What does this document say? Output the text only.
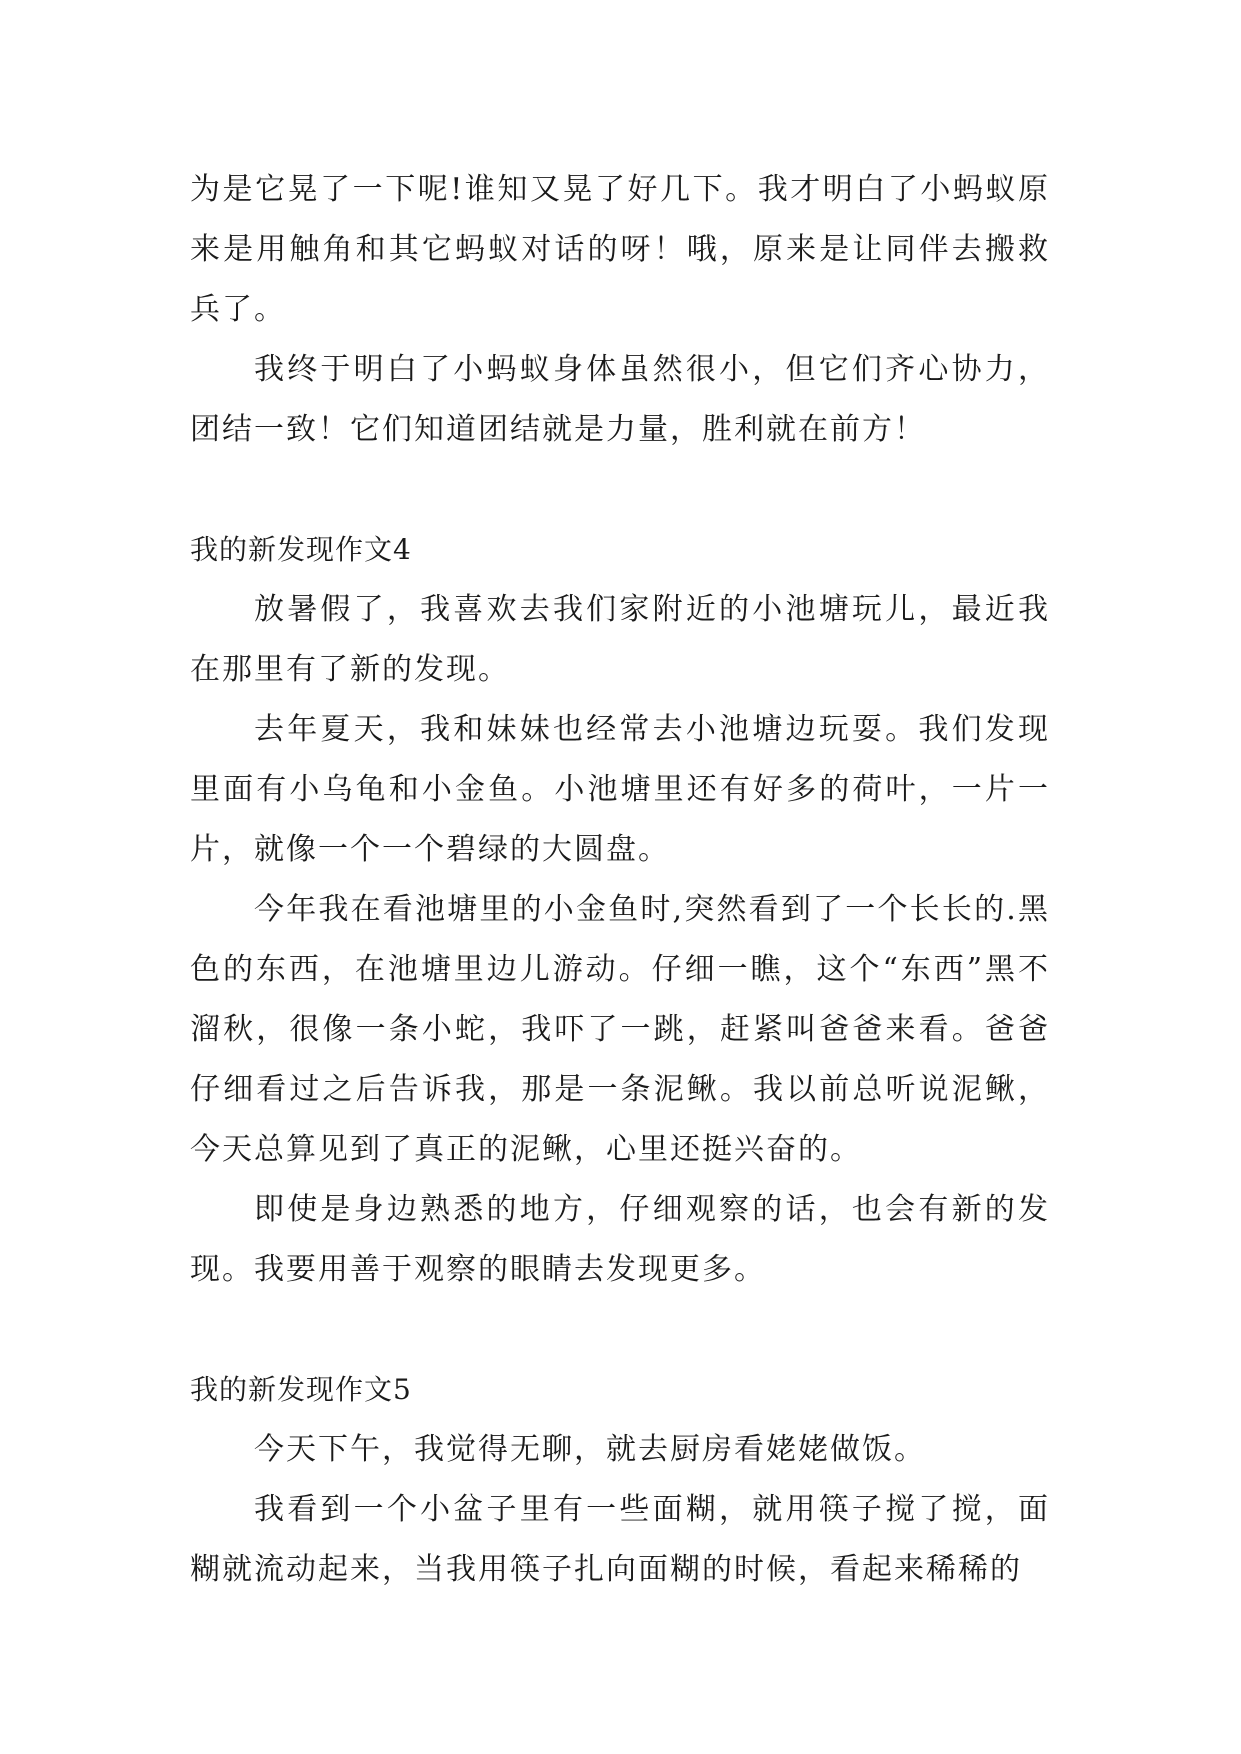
为是它晃了一下呢!谁知又晃了好几下。我才明白了小蚂蚁原来是用触角和其它蚂蚁对话的呀！哦，原来是让同伴去搬救兵了。

我终于明白了小蚂蚁身体虽然很小，但它们齐心协力，团结一致！它们知道团结就是力量，胜利就在前方！

我的新发现作文4

放暑假了，我喜欢去我们家附近的小池塘玩儿，最近我在那里有了新的发现。

去年夏天，我和妹妹也经常去小池塘边玩耍。我们发现里面有小乌龟和小金鱼。小池塘里还有好多的荷叶，一片一片，就像一个一个碧绿的大圆盘。

今年我在看池塘里的小金鱼时,突然看到了一个长长的.黑色的东西，在池塘里边儿游动。仔细一瞧，这个“东西”黑不溜秋，很像一条小蛇，我吓了一跳，赶紧叫爸爸来看。爸爸仔细看过之后告诉我，那是一条泥鳅。我以前总听说泥鳅，今天总算见到了真正的泥鳅，心里还挺兴奋的。

即使是身边熟悉的地方，仔细观察的话，也会有新的发现。我要用善于观察的眼睛去发现更多。

我的新发现作文5

今天下午，我觉得无聊，就去厨房看姥姥做饭。

我看到一个小盆子里有一些面糊，就用筷子搅了搅，面糊就流动起来，当我用筷子扎向面糊的时候，看起来稀稀的
